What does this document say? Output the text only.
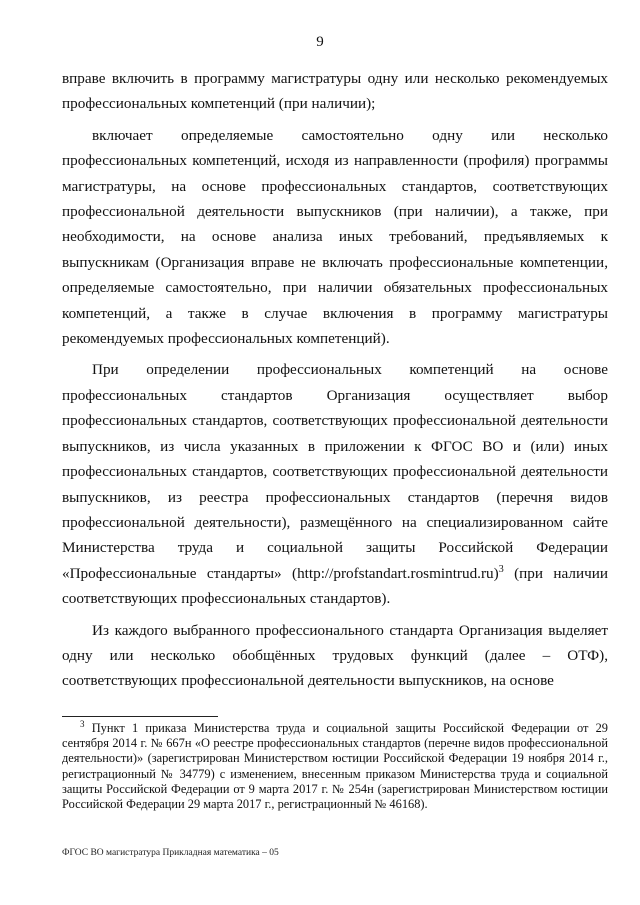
9

вправе включить в программу магистратуры одну или несколько рекомендуемых профессиональных компетенций (при наличии);

включает определяемые самостоятельно одну или несколько профессиональных компетенций, исходя из направленности (профиля) программы магистратуры, на основе профессиональных стандартов, соответствующих профессиональной деятельности выпускников (при наличии), а также, при необходимости, на основе анализа иных требований, предъявляемых к выпускникам (Организация вправе не включать профессиональные компетенции, определяемые самостоятельно, при наличии обязательных профессиональных компетенций, а также в случае включения в программу магистратуры рекомендуемых профессиональных компетенций).

При определении профессиональных компетенций на основе профессиональных стандартов Организация осуществляет выбор профессиональных стандартов, соответствующих профессиональной деятельности выпускников, из числа указанных в приложении к ФГОС ВО и (или) иных профессиональных стандартов, соответствующих профессиональной деятельности выпускников, из реестра профессиональных стандартов (перечня видов профессиональной деятельности), размещённого на специализированном сайте Министерства труда и социальной защиты Российской Федерации «Профессиональные стандарты» (http://profstandart.rosmintrud.ru)$^3$ (при наличии соответствующих профессиональных стандартов).

Из каждого выбранного профессионального стандарта Организация выделяет одну или несколько обобщённых трудовых функций (далее – ОТФ), соответствующих профессиональной деятельности выпускников, на основе

$^3$ Пункт 1 приказа Министерства труда и социальной защиты Российской Федерации от 29 сентября 2014 г. № 667н «О реестре профессиональных стандартов (перечне видов профессиональной деятельности)» (зарегистрирован Министерством юстиции Российской Федерации 19 ноября 2014 г., регистрационный № 34779) с изменением, внесенным приказом Министерства труда и социальной защиты Российской Федерации от 9 марта 2017 г. № 254н (зарегистрирован Министерством юстиции Российской Федерации 29 марта 2017 г., регистрационный № 46168).

ФГОС ВО магистратура Прикладная математика – 05
